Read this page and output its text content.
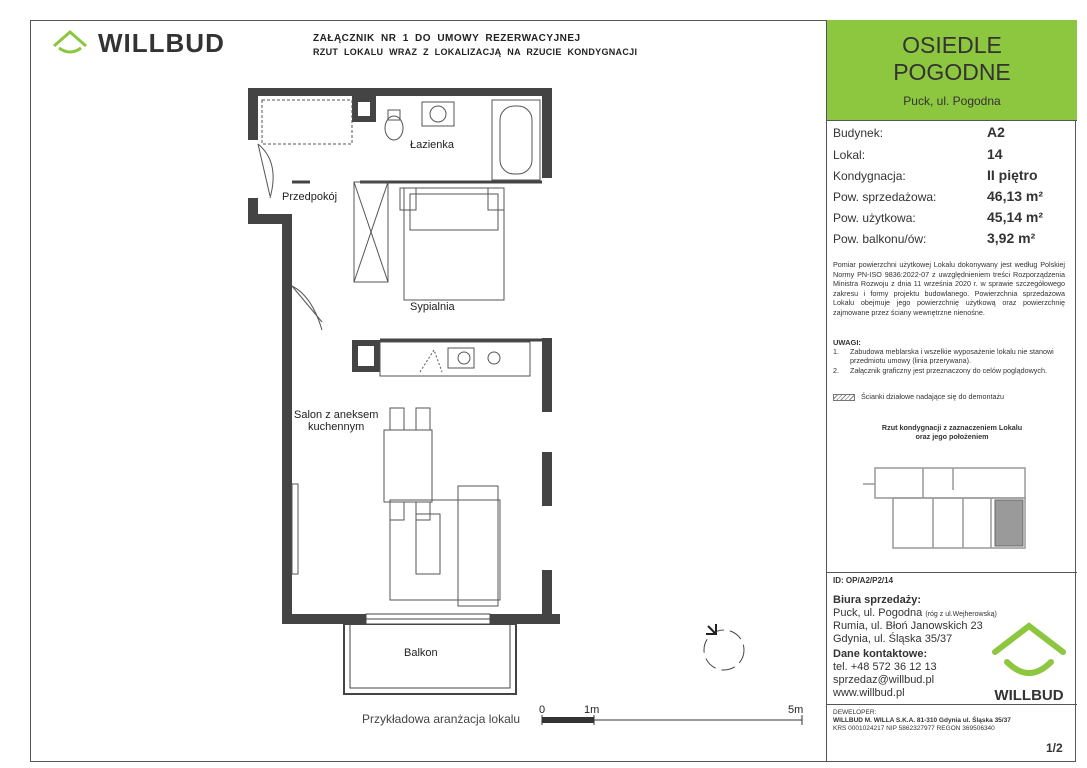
WILLBUD	ZAŁĄCZNIK NR 1 DO UMOWY REZERWACYJNEJ
RZUT LOKALU WRAZ Z LOKALIZACJĄ NA RZUCIE KONDYGNACJI
Łazienka
Przedpokój
Sypialnia
Salon z aneksem
kuchennym
Balkon
0	1m	5m
Przykładowa aranżacja lokalu
OSIEDLE
POGODNE
Puck, ul. Pogodna
Budynek:	A2
Lokal:	14
Kondygnacja:	II piętro
Pow. sprzedażowa:	46,13 m²
Pow. użytkowa:	45,14 m²
Pow. balkonu/ów:	3,92 m²
Pomiar powierzchni użytkowej Lokalu dokonywany jest według Polskiej Normy PN-ISO 9836:2022-07 z uwzględnieniem treści Rozporządzenia Ministra Rozwoju z dnia 11 września 2020 r. w sprawie szczegółowego zakresu i formy projektu budowlanego. Powierzchnia sprzedażowa Lokalu obejmuje jego powierzchnię użytkową oraz powierzchnię zajmowane przez ściany wewnętrzne nienośne.
UWAGI:
1. Zabudowa meblarska i wszelkie wyposażenie lokalu nie stanowi przedmiotu umowy (linia przerywana).
2. Załącznik graficzny jest przeznaczony do celów poglądowych.
Ścianki działowe nadające się do demontażu
Rzut kondygnacji z zaznaczeniem Lokalu
oraz jego położeniem
ID: OP/A2/P2/14
Biura sprzedaży:
Puck, ul. Pogodna (róg z ul.Wejherowską)
Rumia, ul. Błoń Janowskich 23
Gdynia, ul. Śląska 35/37
Dane kontaktowe:
tel. +48 572 36 12 13
sprzedaz@willbud.pl
www.willbud.pl	WILLBUD
DEWELOPER:
WILLBUD M. WILLA S.K.A. 81-310 Gdynia ul. Śląska 35/37
KRS 0001024217 NIP 5862327977 REGON 369506340
1/2
